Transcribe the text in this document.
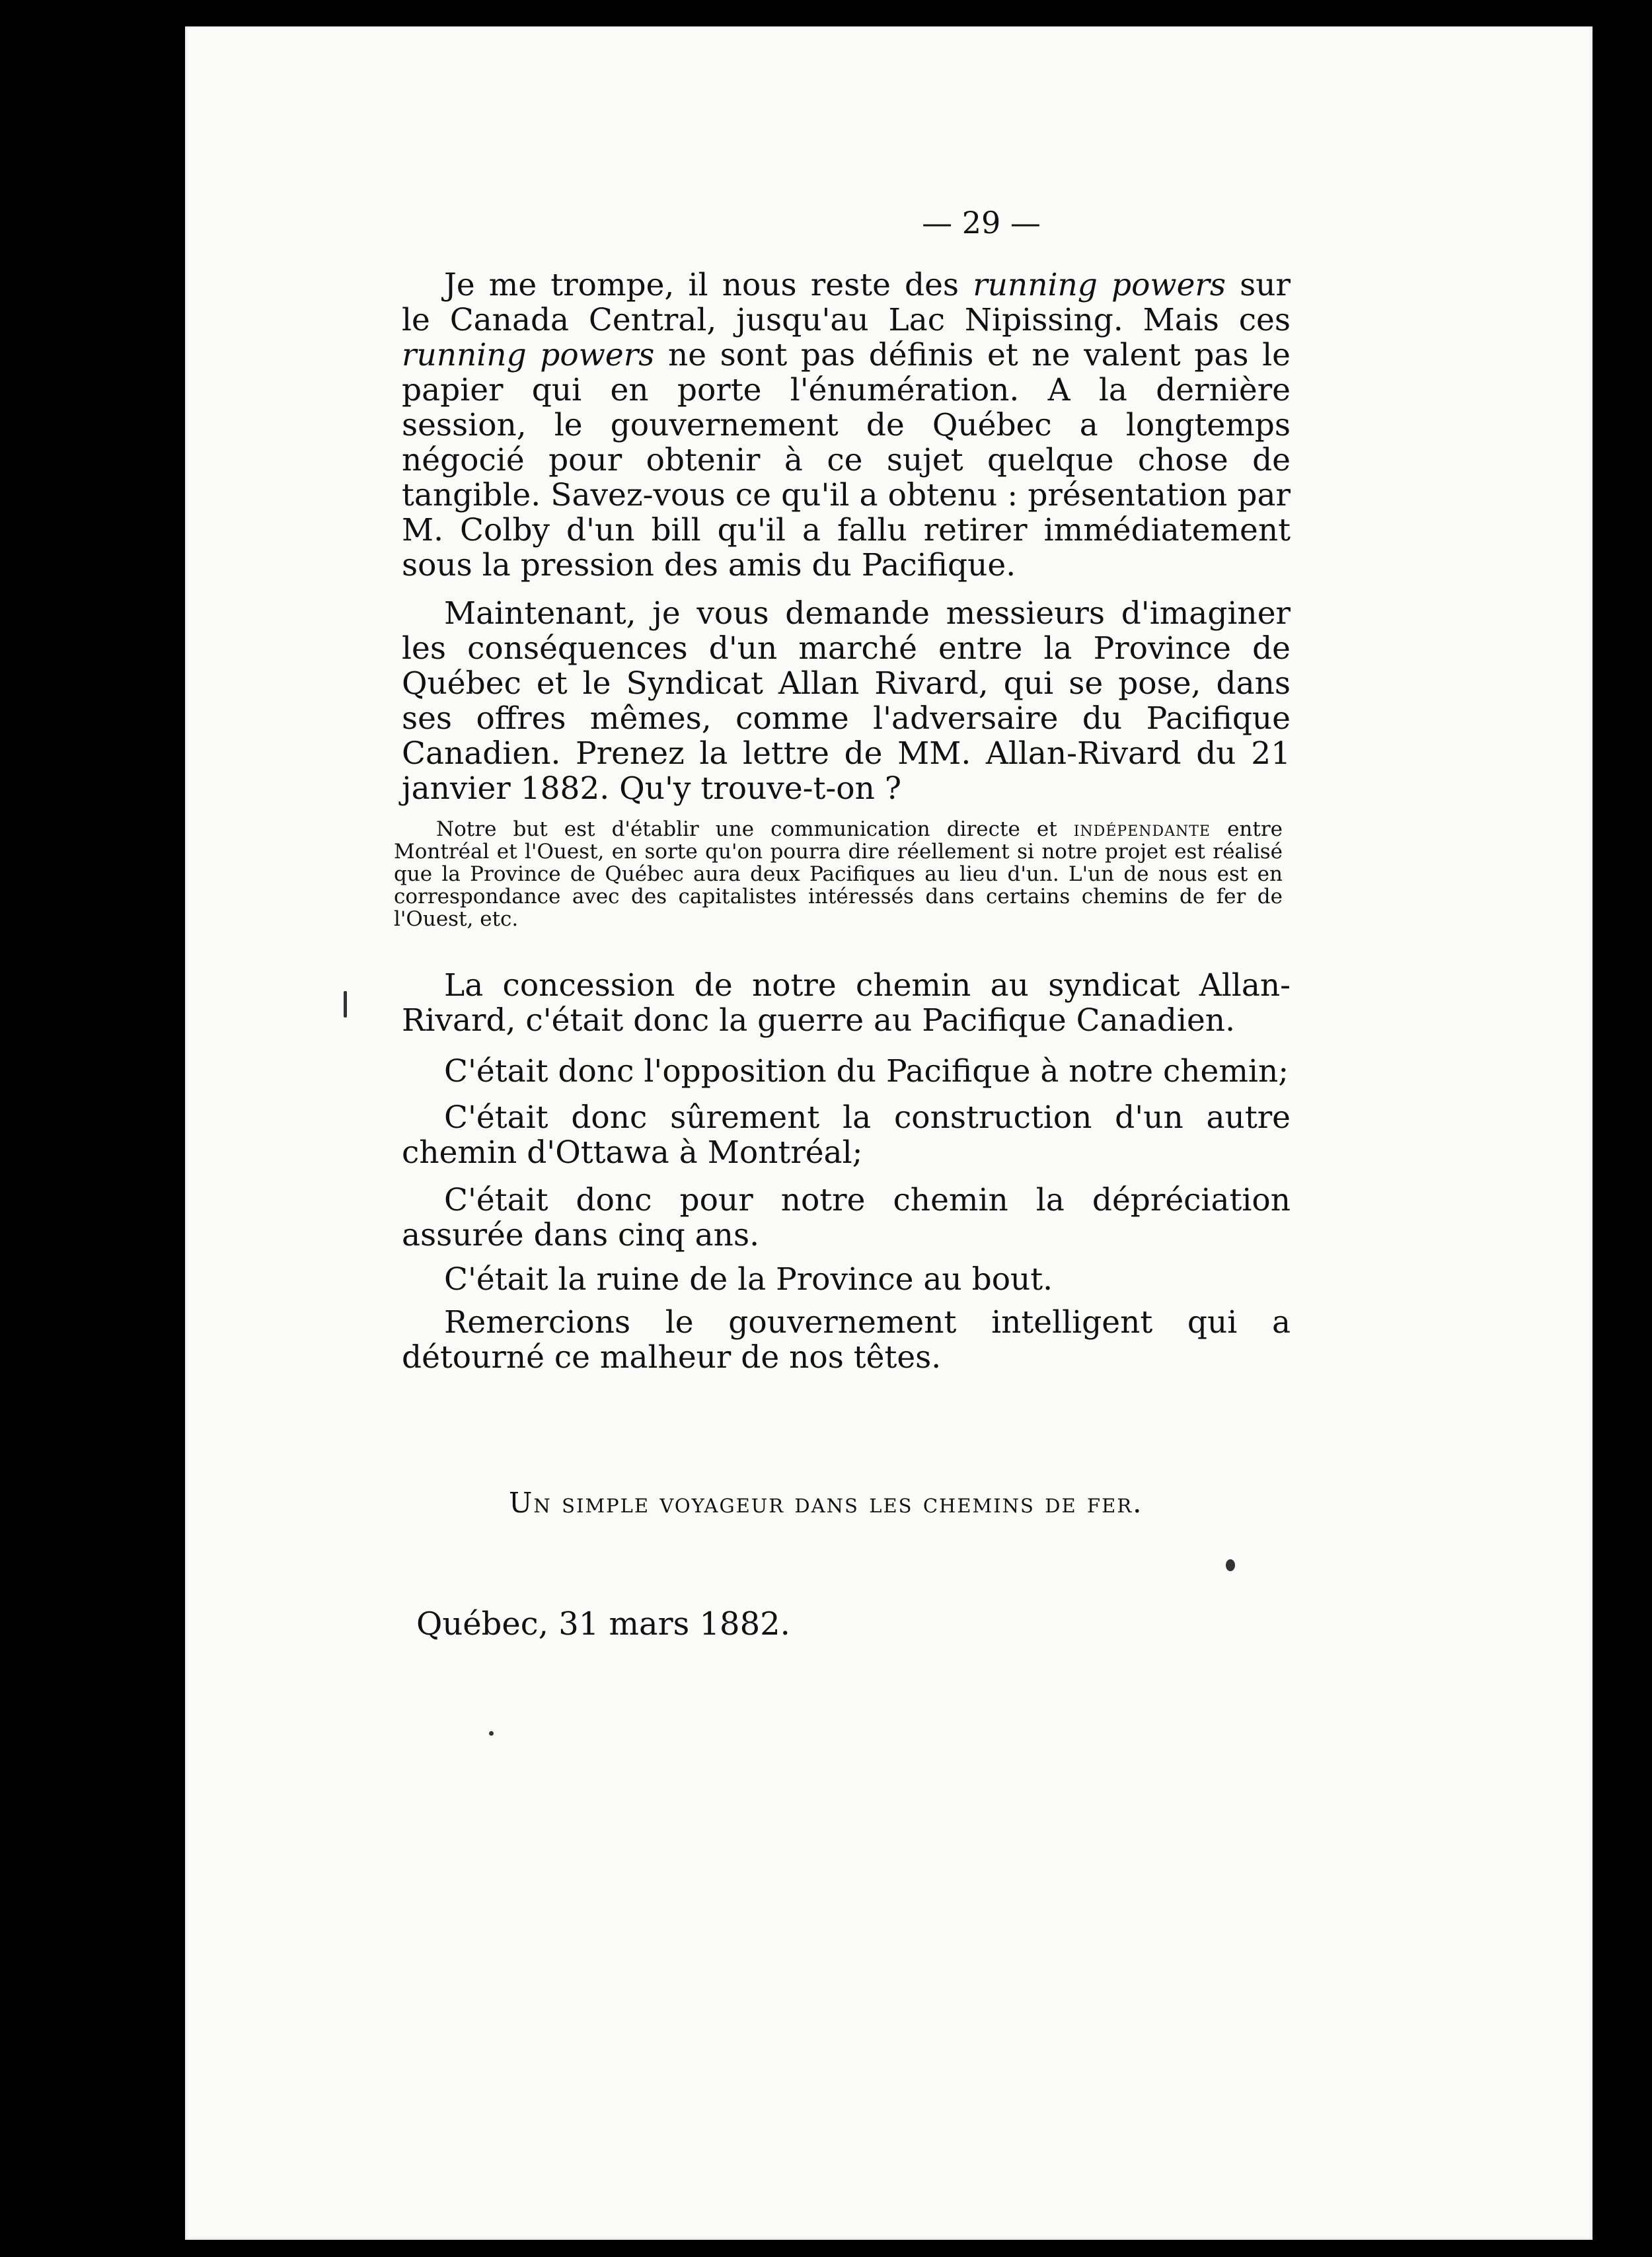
— 29 —

Je me trompe, il nous reste des running powers sur le Canada Central, jusqu'au Lac Nipissing. Mais ces running powers ne sont pas définis et ne valent pas le papier qui en porte l'énumération. A la dernière session, le gouvernement de Québec a longtemps négocié pour obtenir à ce sujet quelque chose de tangible. Savez-vous ce qu'il a obtenu : présentation par M. Colby d'un bill qu'il a fallu retirer immédiatement sous la pression des amis du Pacifique.

Maintenant, je vous demande messieurs d'imaginer les conséquences d'un marché entre la Province de Québec et le Syndicat Allan Rivard, qui se pose, dans ses offres mêmes, comme l'adversaire du Pacifique Canadien. Prenez la lettre de MM. Allan-Rivard du 21 janvier 1882. Qu'y trouve-t-on ?

Notre but est d'établir une communication directe et indépendante entre Montréal et l'Ouest, en sorte qu'on pourra dire réellement si notre projet est réalisé que la Province de Québec aura deux Pacifiques au lieu d'un. L'un de nous est en correspondance avec des capitalistes intéressés dans certains chemins de fer de l'Ouest, etc.

La concession de notre chemin au syndicat Allan-Rivard, c'était donc la guerre au Pacifique Canadien.

C'était donc l'opposition du Pacifique à notre chemin;

C'était donc sûrement la construction d'un autre chemin d'Ottawa à Montréal;

C'était donc pour notre chemin la dépréciation assurée dans cinq ans.

C'était la ruine de la Province au bout.

Remercions le gouvernement intelligent qui a détourné ce malheur de nos têtes.

Un simple voyageur dans les chemins de fer.
Québec, 31 mars 1882.
